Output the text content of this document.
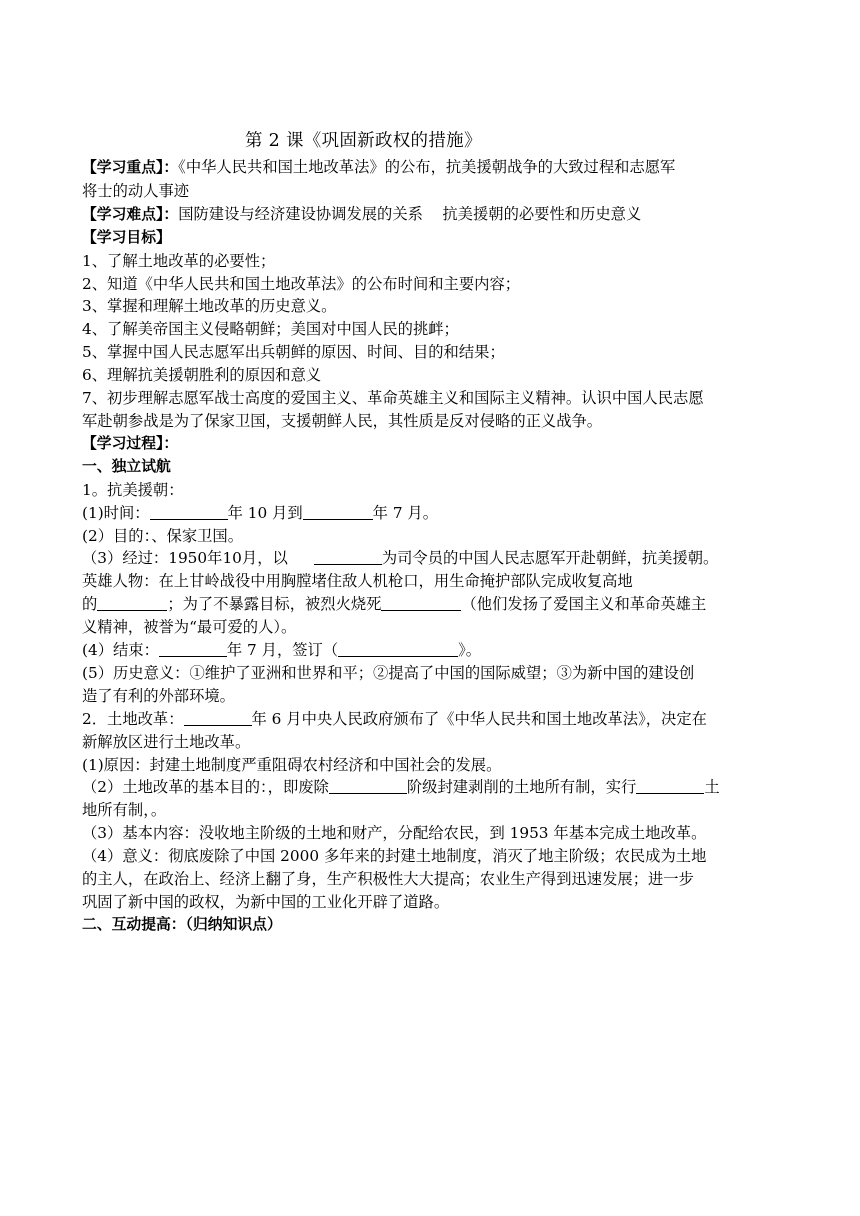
第 2 课《巩固新政权的措施》
【学习重点】：《中华人民共和国土地改革法》的公布，抗美援朝战争的大致过程和志愿军
将士的动人事迹
【学习难点】：国防建设与经济建设协调发展的关系    抗美援朝的必要性和历史意义
【学习目标】
1、了解土地改革的必要性；
2、知道《中华人民共和国土地改革法》的公布时间和主要内容；
3、掌握和理解土地改革的历史意义。
4、了解美帝国主义侵略朝鲜；美国对中国人民的挑衅；
5、掌握中国人民志愿军出兵朝鲜的原因、时间、目的和结果；
6、理解抗美援朝胜利的原因和意义
7、初步理解志愿军战士高度的爱国主义、革命英雄主义和国际主义精神。认识中国人民志愿
军赴朝参战是为了保家卫国，支援朝鲜人民，其性质是反对侵略的正义战争。
【学习过程】：
一、独立试航
1。抗美援朝：
(1)时间：	年 10 月到	年 7 月。
(2）目的：、保家卫国。
（3）经过：1950年10月，以	为司令员的中国人民志愿军开赴朝鲜，抗美援朝。
英雄人物：在上甘岭战役中用胸膛堵住敌人机枪口，用生命掩护部队完成收复高地
的	；为了不暴露目标，被烈火烧死	（他们发扬了爱国主义和革命英雄主
义精神，被誉为“最可爱的人）。
(4）结束：	年 7 月，签订（	》。
(5）历史意义：①维护了亚洲和世界和平；②提高了中国的国际威望；③为新中国的建设创
造了有利的外部环境。
2．土地改革：	年 6 月中央人民政府颁布了《中华人民共和国土地改革法》，决定在
新解放区进行土地改革。
(1)原因：封建土地制度严重阻碍农村经济和中国社会的发展。
（2）土地改革的基本目的：，即废除	阶级封建剥削的土地所有制，实行	土
地所有制，。
（3）基本内容：没收地主阶级的土地和财产，分配给农民，到 1953 年基本完成土地改革。
（4）意义：彻底废除了中国 2000 多年来的封建土地制度，消灭了地主阶级；农民成为土地
的主人，在政治上、经济上翻了身，生产积极性大大提高；农业生产得到迅速发展；进一步
巩固了新中国的政权，为新中国的工业化开辟了道路。
二、互动提高：（归纳知识点）
